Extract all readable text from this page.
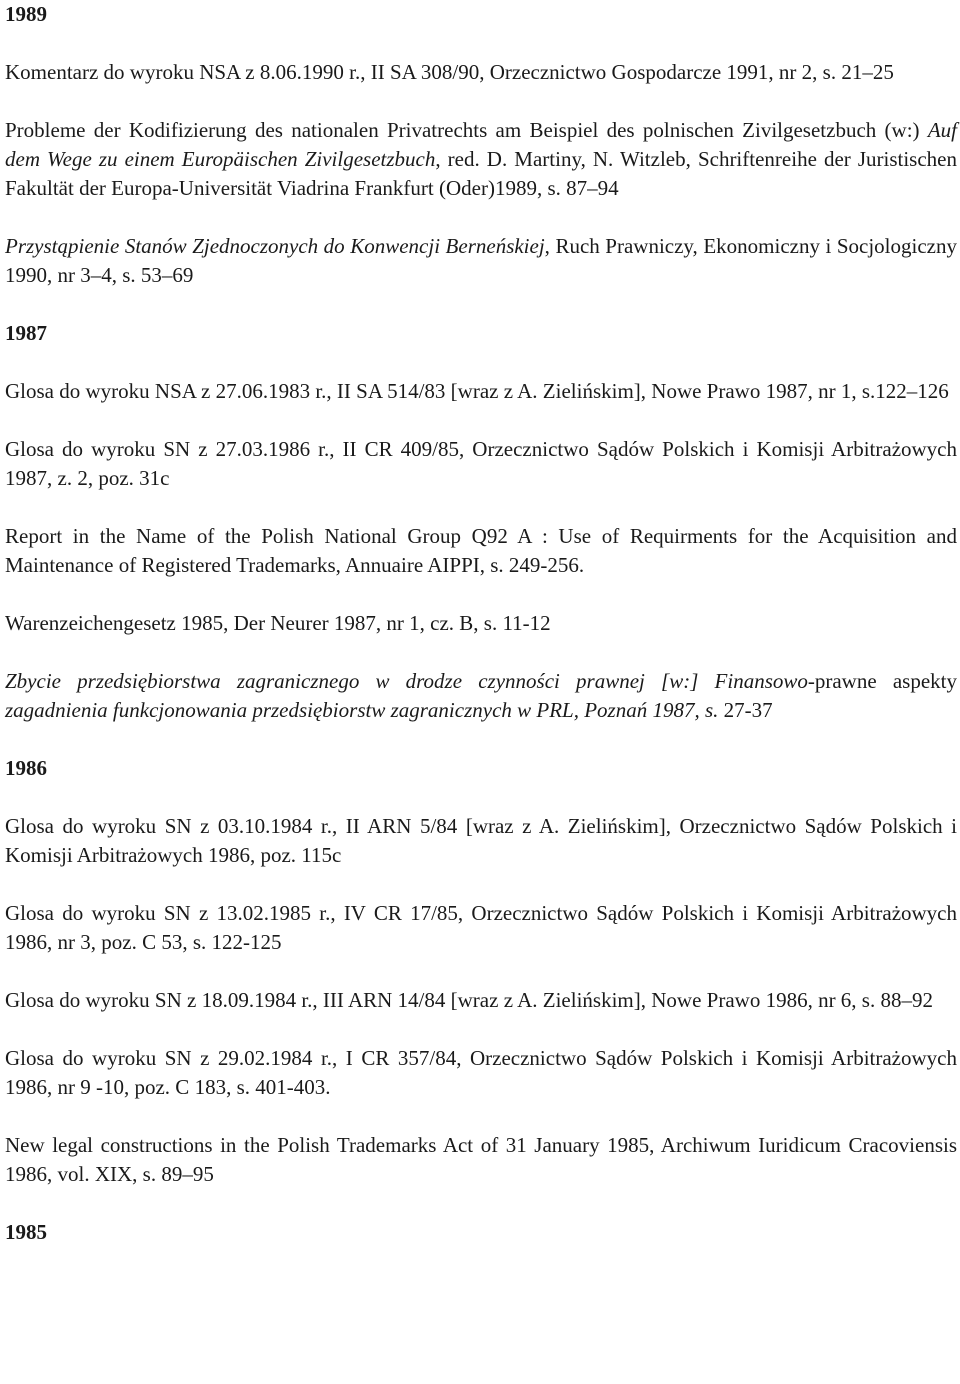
1989

Komentarz do wyroku NSA z 8.06.1990 r., II SA 308/90, Orzecznictwo Gospodarcze 1991, nr 2, s. 21–25

Probleme der Kodifizierung des nationalen Privatrechts am Beispiel des polnischen Zivilgesetzbuch (w:) Auf dem Wege zu einem Europäischen Zivilgesetzbuch, red. D. Martiny, N. Witzleb, Schriftenreihe der Juristischen Fakultät der Europa-Universität Viadrina Frankfurt (Oder)1989, s. 87–94

Przystąpienie Stanów Zjednoczonych do Konwencji Berneńskiej, Ruch Prawniczy, Ekonomiczny i Socjologiczny 1990, nr 3–4, s. 53–69

1987

Glosa do wyroku NSA z 27.06.1983 r., II SA 514/83 [wraz z A. Zielińskim], Nowe Prawo 1987, nr 1, s.122–126

Glosa do wyroku SN z 27.03.1986 r., II CR 409/85, Orzecznictwo Sądów Polskich i Komisji Arbitrażowych 1987, z. 2, poz. 31c

Report in the Name of the Polish National Group Q92 A : Use of Requirments for the Acquisition and Maintenance of Registered Trademarks, Annuaire AIPPI, s. 249-256.

Warenzeichengesetz 1985, Der Neurer 1987, nr 1, cz. B, s. 11-12

Zbycie przedsiębiorstwa zagranicznego w drodze czynności prawnej [w:] Finansowo-prawne aspekty zagadnienia funkcjonowania przedsiębiorstw zagranicznych w PRL, Poznań 1987, s. 27-37

1986

Glosa do wyroku SN z 03.10.1984 r., II ARN 5/84 [wraz z A. Zielińskim], Orzecznictwo Sądów Polskich i Komisji Arbitrażowych 1986, poz. 115c

Glosa do wyroku SN z 13.02.1985 r., IV CR 17/85, Orzecznictwo Sądów Polskich i Komisji Arbitrażowych 1986, nr 3, poz. C 53, s. 122-125

Glosa do wyroku SN z 18.09.1984 r., III ARN 14/84 [wraz z A. Zielińskim], Nowe Prawo 1986, nr 6, s. 88–92

Glosa do wyroku SN z 29.02.1984 r., I CR 357/84, Orzecznictwo Sądów Polskich i Komisji Arbitrażowych 1986, nr 9 -10, poz. C 183, s. 401-403.

New legal constructions in the Polish Trademarks Act of 31 January 1985, Archiwum Iuridicum Cracoviensis 1986, vol. XIX, s. 89–95

1985
